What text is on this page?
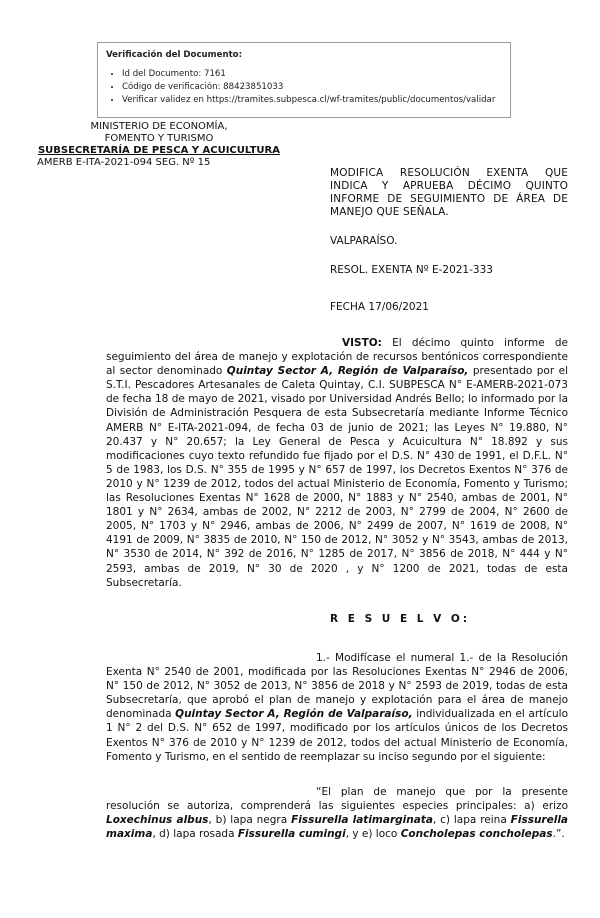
Verificación del Documento:
• Id del Documento: 7161
• Código de verificación: 88423851033
• Verificar validez en https://tramites.subpesca.cl/wf-tramites/public/documentos/validar
MINISTERIO DE ECONOMÍA,
FOMENTO Y TURISMO
SUBSECRETARÍA DE PESCA Y ACUICULTURA
AMERB E-ITA-2021-094 SEG. Nº 15
MODIFICA RESOLUCIÓN EXENTA QUE INDICA Y APRUEBA DÉCIMO QUINTO INFORME DE SEGUIMIENTO DE ÁREA DE MANEJO QUE SEÑALA.
VALPARAÍSO.
RESOL. EXENTA Nº E-2021-333
FECHA 17/06/2021
VISTO: El décimo quinto informe de seguimiento del área de manejo y explotación de recursos bentónicos correspondiente al sector denominado Quintay Sector A, Región de Valparaíso, presentado por el S.T.I. Pescadores Artesanales de Caleta Quintay, C.I. SUBPESCA N° E-AMERB-2021-073 de fecha 18 de mayo de 2021, visado por Universidad Andrés Bello; lo informado por la División de Administración Pesquera de esta Subsecretaría mediante Informe Técnico AMERB N° E-ITA-2021-094, de fecha 03 de junio de 2021; las Leyes N° 19.880, N° 20.437 y N° 20.657; la Ley General de Pesca y Acuicultura N° 18.892 y sus modificaciones cuyo texto refundido fue fijado por el D.S. N° 430 de 1991, el D.F.L. N° 5 de 1983, los D.S. N° 355 de 1995 y N° 657 de 1997, los Decretos Exentos N° 376 de 2010 y N° 1239 de 2012, todos del actual Ministerio de Economía, Fomento y Turismo; las Resoluciones Exentas N° 1628 de 2000, N° 1883 y N° 2540, ambas de 2001, N° 1801 y N° 2634, ambas de 2002, N° 2212 de 2003, N° 2799 de 2004, N° 2600 de 2005, N° 1703 y N° 2946, ambas de 2006, N° 2499 de 2007, N° 1619 de 2008, N° 4191 de 2009, N° 3835 de 2010, N° 150 de 2012, N° 3052 y N° 3543, ambas de 2013, N° 3530 de 2014, N° 392 de 2016, N° 1285 de 2017, N° 3856 de 2018, N° 444 y N° 2593, ambas de 2019, N° 30 de 2020 , y N° 1200 de 2021, todas de esta Subsecretaría.
R E S U E L V O:
1.- Modifícase el numeral 1.- de la Resolución Exenta N° 2540 de 2001, modificada por las Resoluciones Exentas N° 2946 de 2006, N° 150 de 2012, N° 3052 de 2013, N° 3856 de 2018 y N° 2593 de 2019, todas de esta Subsecretaría, que aprobó el plan de manejo y explotación para el área de manejo denominada Quintay Sector A, Región de Valparaíso, individualizada en el artículo 1 N° 2 del D.S. N° 652 de 1997, modificado por los artículos únicos de los Decretos Exentos N° 376 de 2010 y N° 1239 de 2012, todos del actual Ministerio de Economía, Fomento y Turismo, en el sentido de reemplazar su inciso segundo por el siguiente:
“El plan de manejo que por la presente resolución se autoriza, comprenderá las siguientes especies principales: a) erizo Loxechinus albus, b) lapa negra Fissurella latimarginata, c) lapa reina Fissurella maxima, d) lapa rosada Fissurella cumingi, y e) loco Concholepas concholepas.”.
